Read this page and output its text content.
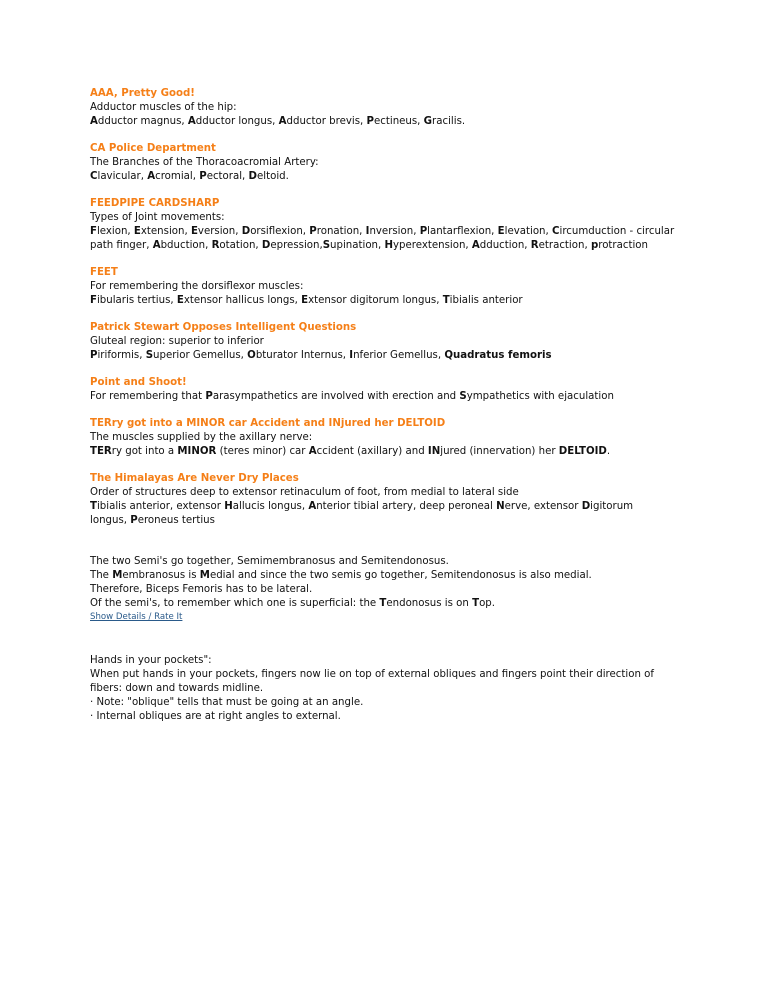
AAA, Pretty Good!
Adductor muscles of the hip:
Adductor magnus, Adductor longus, Adductor brevis, Pectineus, Gracilis.
CA Police Department
The Branches of the Thoracoacromial Artery:
Clavicular, Acromial, Pectoral, Deltoid.
FEEDPIPE CARDSHARP
Types of Joint movements:
Flexion, Extension, Eversion, Dorsiflexion, Pronation, Inversion, Plantarflexion, Elevation, Circumduction - circular
path finger, Abduction, Rotation, Depression,Supination, Hyperextension, Adduction, Retraction, protraction
FEET
For remembering the dorsiflexor muscles:
Fibularis tertius, Extensor hallicus longs, Extensor digitorum longus, Tibialis anterior
Patrick Stewart Opposes Intelligent Questions
Gluteal region: superior to inferior
Piriformis, Superior Gemellus, Obturator Internus, Inferior Gemellus, Quadratus femoris
Point and Shoot!
For remembering that Parasympathetics are involved with erection and Sympathetics with ejaculation
TERry got into a MINOR car Accident and INjured her DELTOID
The muscles supplied by the axillary nerve:
TERry got into a MINOR (teres minor) car Accident (axillary) and INjured (innervation) her DELTOID.
The Himalayas Are Never Dry Places
Order of structures deep to extensor retinaculum of foot, from medial to lateral side
Tibialis anterior, extensor Hallucis longus, Anterior tibial artery, deep peroneal Nerve, extensor Digitorum
longus, Peroneus tertius
The two Semi's go together, Semimembranosus and Semitendonosus.
The Membranosus is Medial and since the two semis go together, Semitendonosus is also medial.
Therefore, Biceps Femoris has to be lateral.
Of the semi's, to remember which one is superficial: the Tendonosus is on Top.
Show Details / Rate It
Hands in your pockets":
When put hands in your pockets, fingers now lie on top of external obliques and fingers point their direction of
fibers: down and towards midline.
· Note: "oblique" tells that must be going at an angle.
· Internal obliques are at right angles to external.
